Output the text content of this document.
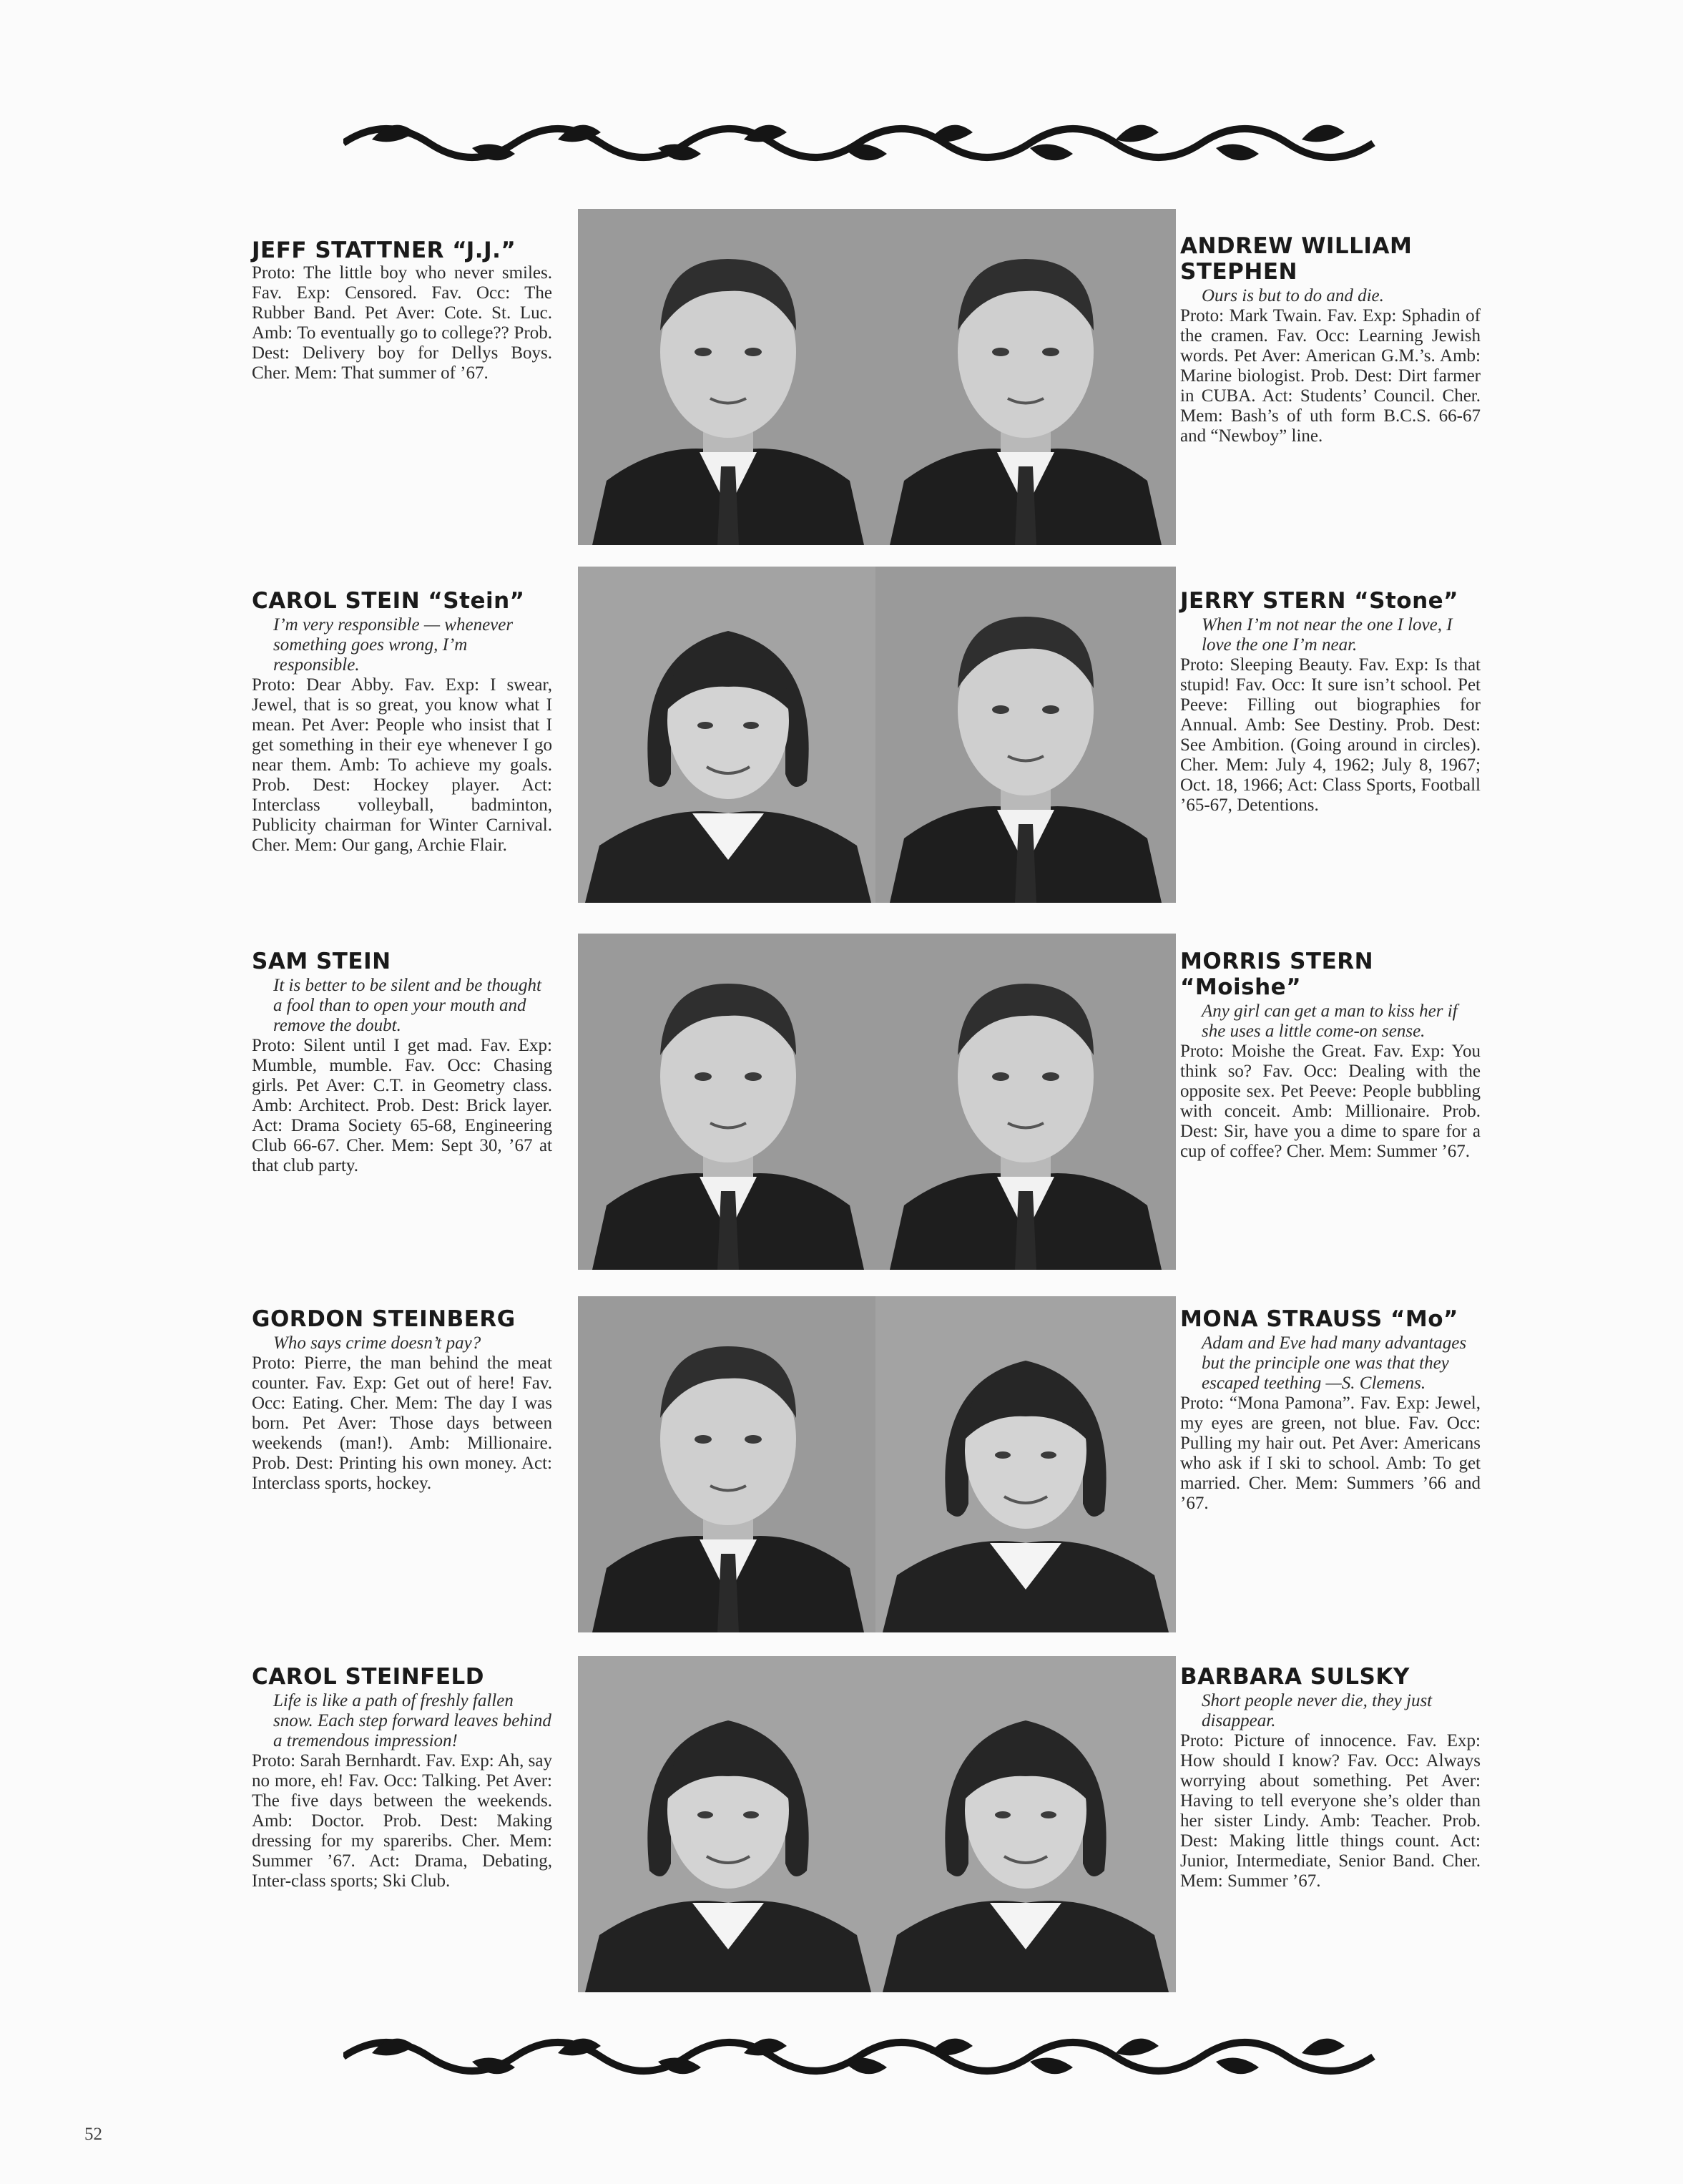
JEFF STATTNER “J.J.”

Proto: The little boy who never smiles. Fav. Exp: Censored. Fav. Occ: The Rubber Band. Pet Aver: Cote. St. Luc. Amb: To eventually go to college?? Prob. Dest: Delivery boy for Dellys Boys. Cher. Mem: That summer of ’67.

ANDREW WILLIAM STEPHEN

Ours is but to do and die.

Proto: Mark Twain. Fav. Exp: Sphadin of the cramen. Fav. Occ: Learning Jewish words. Pet Aver: American G.M.’s. Amb: Marine biologist. Prob. Dest: Dirt farmer in CUBA. Act: Students’ Council. Cher. Mem: Bash’s of uth form B.C.S. 66-67 and “Newboy” line.

CAROL STEIN “Stein”

I’m very responsible — whenever something goes wrong, I’m responsible.

Proto: Dear Abby. Fav. Exp: I swear, Jewel, that is so great, you know what I mean. Pet Aver: People who insist that I get something in their eye whenever I go near them. Amb: To achieve my goals. Prob. Dest: Hockey player. Act: Interclass volleyball, badminton, Publicity chairman for Winter Carnival. Cher. Mem: Our gang, Archie Flair.

JERRY STERN “Stone”

When I’m not near the one I love, I love the one I’m near.

Proto: Sleeping Beauty. Fav. Exp: Is that stupid! Fav. Occ: It sure isn’t school. Pet Peeve: Filling out biographies for Annual. Amb: See Destiny. Prob. Dest: See Ambition. (Going around in circles). Cher. Mem: July 4, 1962; July 8, 1967; Oct. 18, 1966; Act: Class Sports, Football ’65-67, Detentions.

SAM STEIN

It is better to be silent and be thought a fool than to open your mouth and remove the doubt.

Proto: Silent until I get mad. Fav. Exp: Mumble, mumble. Fav. Occ: Chasing girls. Pet Aver: C.T. in Geometry class. Amb: Architect. Prob. Dest: Brick layer. Act: Drama Society 65-68, Engineering Club 66-67. Cher. Mem: Sept 30, ’67 at that club party.

MORRIS STERN “Moishe”

Any girl can get a man to kiss her if she uses a little come-on sense.

Proto: Moishe the Great. Fav. Exp: You think so? Fav. Occ: Dealing with the opposite sex. Pet Peeve: People bubbling with conceit. Amb: Millionaire. Prob. Dest: Sir, have you a dime to spare for a cup of coffee? Cher. Mem: Summer ’67.

GORDON STEINBERG

Who says crime doesn’t pay?

Proto: Pierre, the man behind the meat counter. Fav. Exp: Get out of here! Fav. Occ: Eating. Cher. Mem: The day I was born. Pet Aver: Those days between weekends (man!). Amb: Millionaire. Prob. Dest: Printing his own money. Act: Interclass sports, hockey.

MONA STRAUSS “Mo”

Adam and Eve had many advantages but the principle one was that they escaped teething —S. Clemens.

Proto: “Mona Pamona”. Fav. Exp: Jewel, my eyes are green, not blue. Fav. Occ: Pulling my hair out. Pet Aver: Americans who ask if I ski to school. Amb: To get married. Cher. Mem: Summers ’66 and ’67.

CAROL STEINFELD

Life is like a path of freshly fallen snow. Each step forward leaves behind a tremendous impression!

Proto: Sarah Bernhardt. Fav. Exp: Ah, say no more, eh! Fav. Occ: Talking. Pet Aver: The five days between the weekends. Amb: Doctor. Prob. Dest: Making dressing for my spareribs. Cher. Mem: Summer ’67. Act: Drama, Debating, Inter-class sports; Ski Club.

BARBARA SULSKY

Short people never die, they just disappear.

Proto: Picture of innocence. Fav. Exp: How should I know? Fav. Occ: Always worrying about something. Pet Aver: Having to tell everyone she’s older than her sister Lindy. Amb: Teacher. Prob. Dest: Making little things count. Act: Junior, Intermediate, Senior Band. Cher. Mem: Summer ’67.

52
